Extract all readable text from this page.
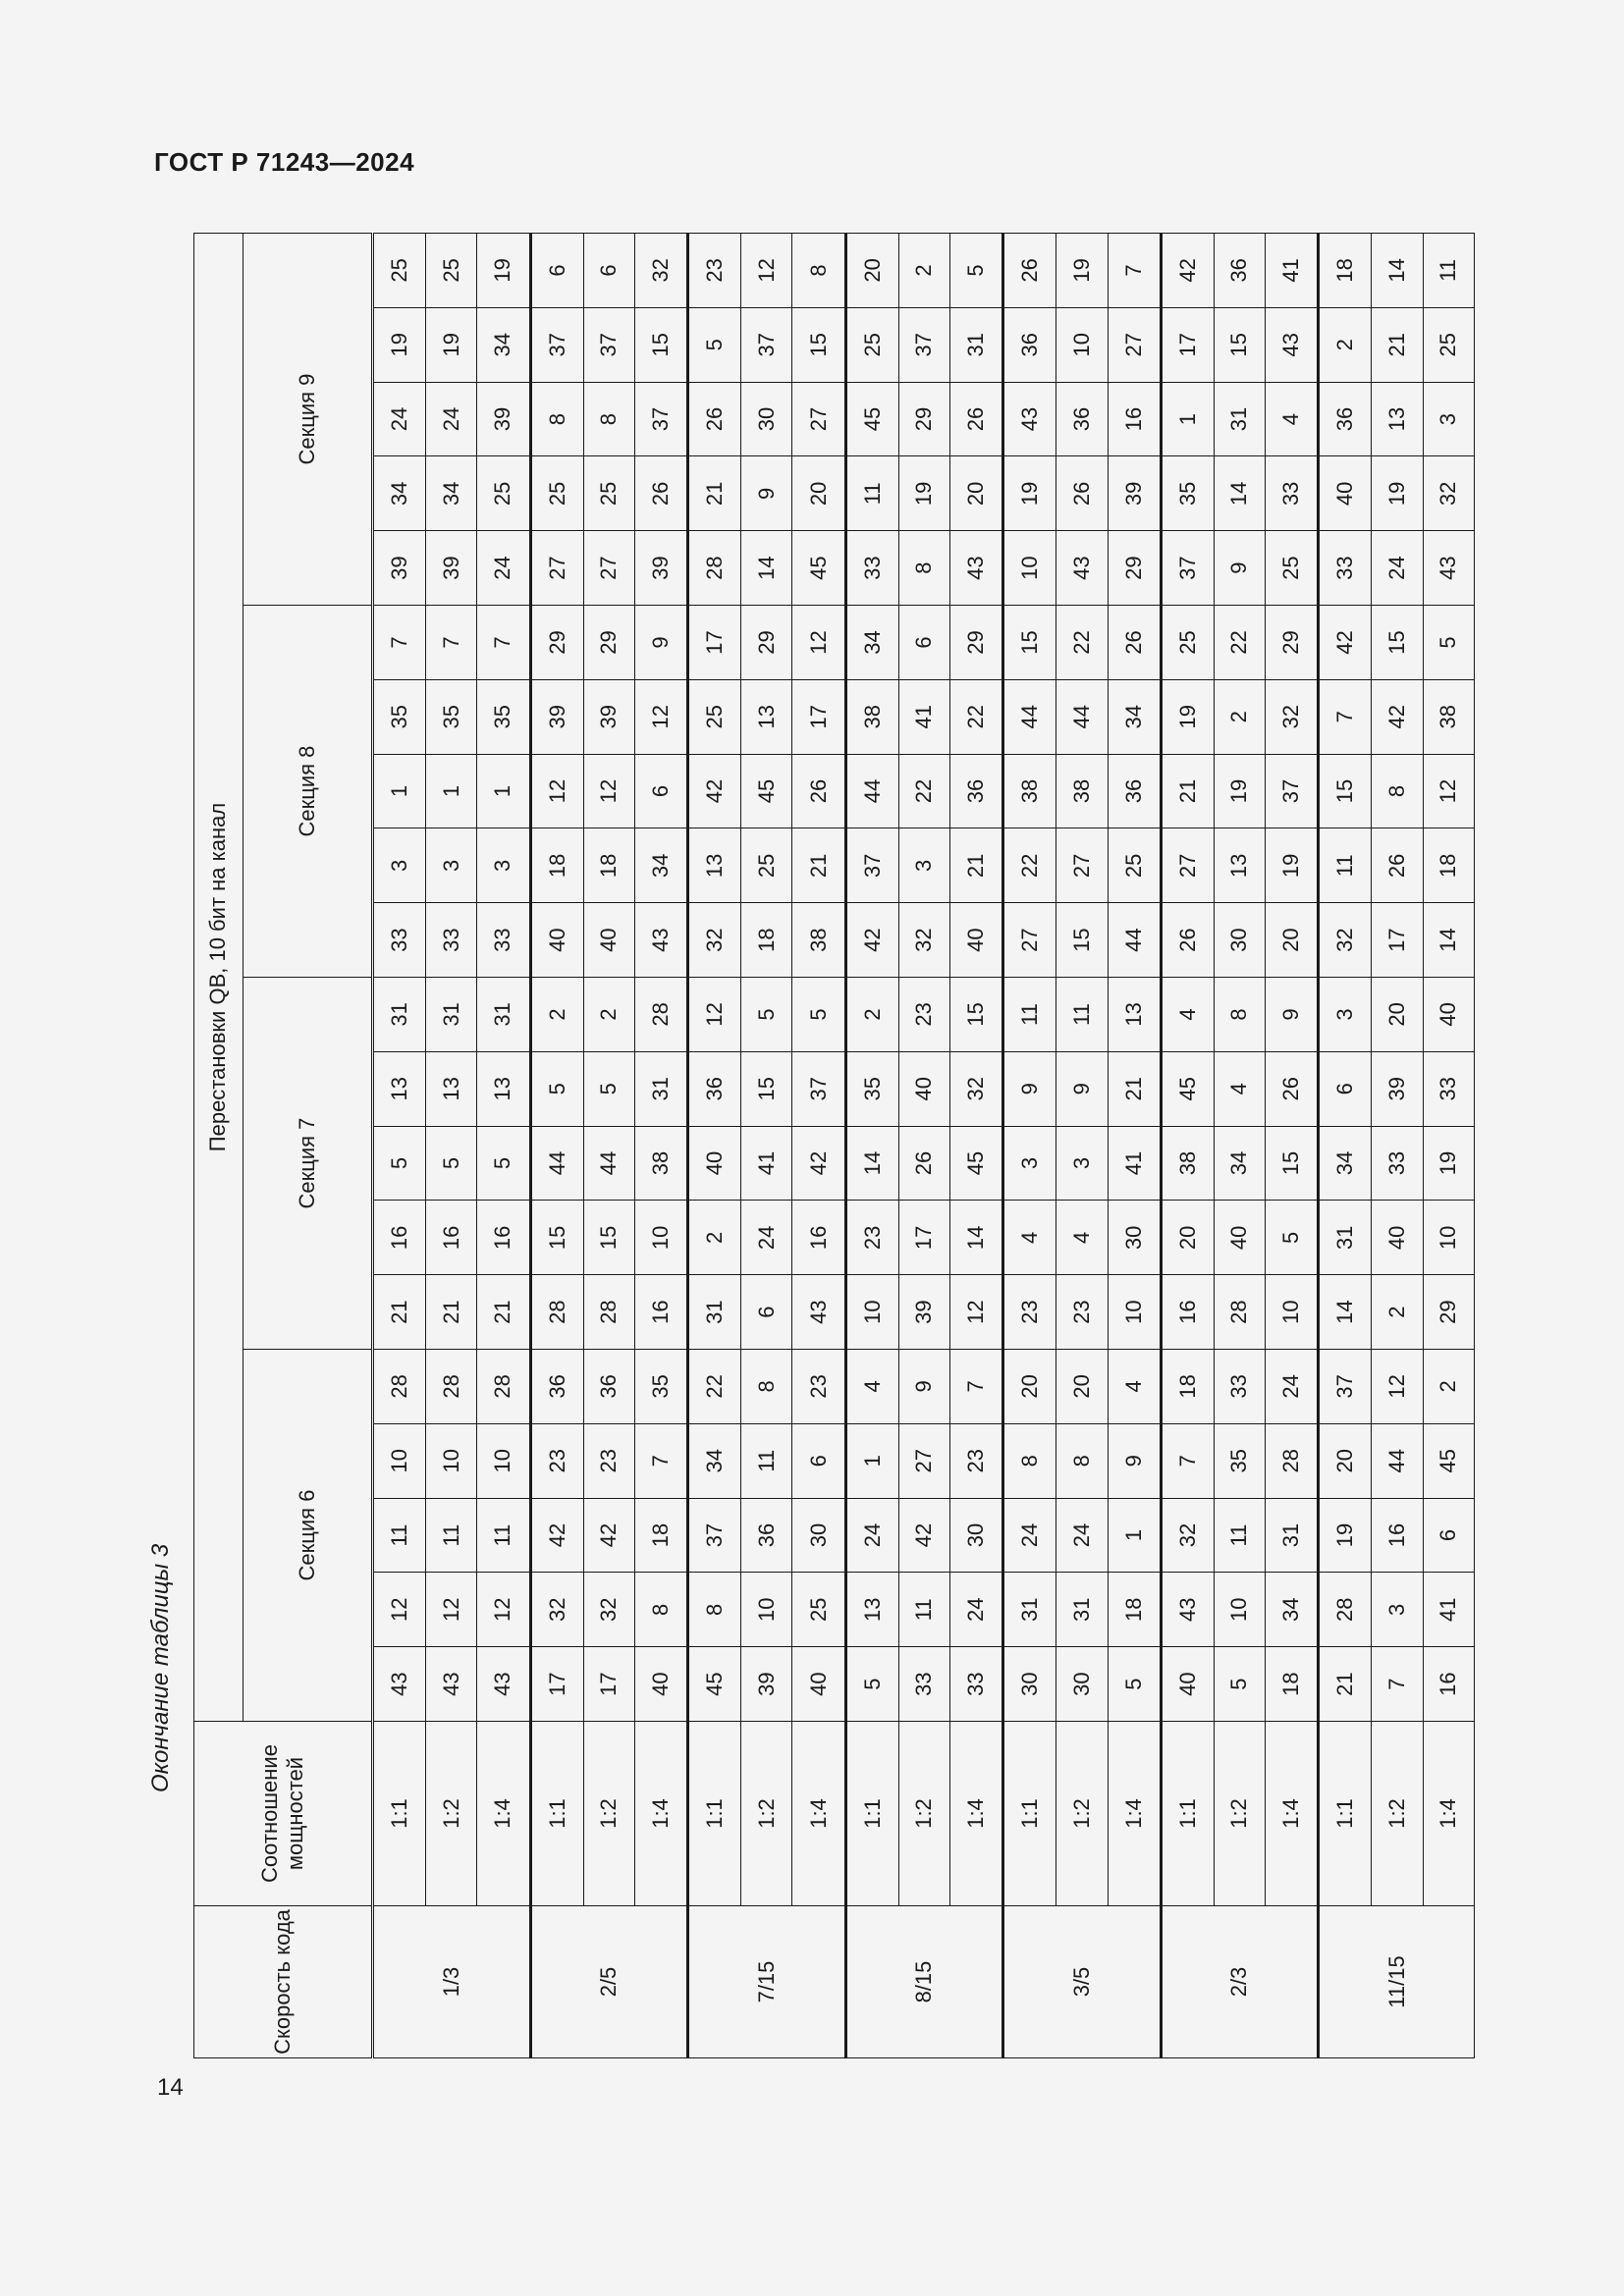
ГОСТ Р 71243—2024
Окончание таблицы 3
Скорость кода	Соотношение мощностей	Перестановки QB, 10 бит на канал																			
		Секция 6					Секция 7					Секция 8					Секция 9				
1/3	1:1	43	12	11	10	28	21	16	5	13	31	33	3	1	35	7	39	34	24	19	25
	1:2	43	12	11	10	28	21	16	5	13	31	33	3	1	35	7	39	34	24	19	25
	1:4	43	12	11	10	28	21	16	5	13	31	33	3	1	35	7	24	25	39	34	19
2/5	1:1	17	32	42	23	36	28	15	44	5	2	40	18	12	39	29	27	25	8	37	6
	1:2	17	32	42	23	36	28	15	44	5	2	40	18	12	39	29	27	25	8	37	6
	1:4	40	8	18	7	35	16	10	38	31	28	43	34	6	12	9	39	26	37	15	32
7/15	1:1	45	8	37	34	22	31	2	40	36	12	32	13	42	25	17	28	21	26	5	23
	1:2	39	10	36	11	8	6	24	41	15	5	18	25	45	13	29	14	9	30	37	12
	1:4	40	25	30	6	23	43	16	42	37	5	38	21	26	17	12	45	20	27	15	8
8/15	1:1	5	13	24	1	4	10	23	14	35	2	42	37	44	38	34	33	11	45	25	20
	1:2	33	11	42	27	9	39	17	26	40	23	32	3	22	41	6	8	19	29	37	2
	1:4	33	24	30	23	7	12	14	45	32	15	40	21	36	22	29	43	20	26	31	5
3/5	1:1	30	31	24	8	20	23	4	3	9	11	27	22	38	44	15	10	19	43	36	26
	1:2	30	31	24	8	20	23	4	3	9	11	15	27	38	44	22	43	26	36	10	19
	1:4	5	18	1	9	4	10	30	41	21	13	44	25	36	34	26	29	39	16	27	7
2/3	1:1	40	43	32	7	18	16	20	38	45	4	26	27	21	19	25	37	35	1	17	42
	1:2	5	10	11	35	33	28	40	34	4	8	30	13	19	2	22	9	14	31	15	36
	1:4	18	34	31	28	24	10	5	15	26	9	20	19	37	32	29	25	33	4	43	41
11/15	1:1	21	28	19	20	37	14	31	34	6	3	32	11	15	7	42	33	40	36	2	18
	1:2	7	3	16	44	12	2	40	33	39	20	17	26	8	42	15	24	19	13	21	14
	1:4	16	41	6	45	2	29	10	19	33	40	14	18	12	38	5	43	32	3	25	11
14
